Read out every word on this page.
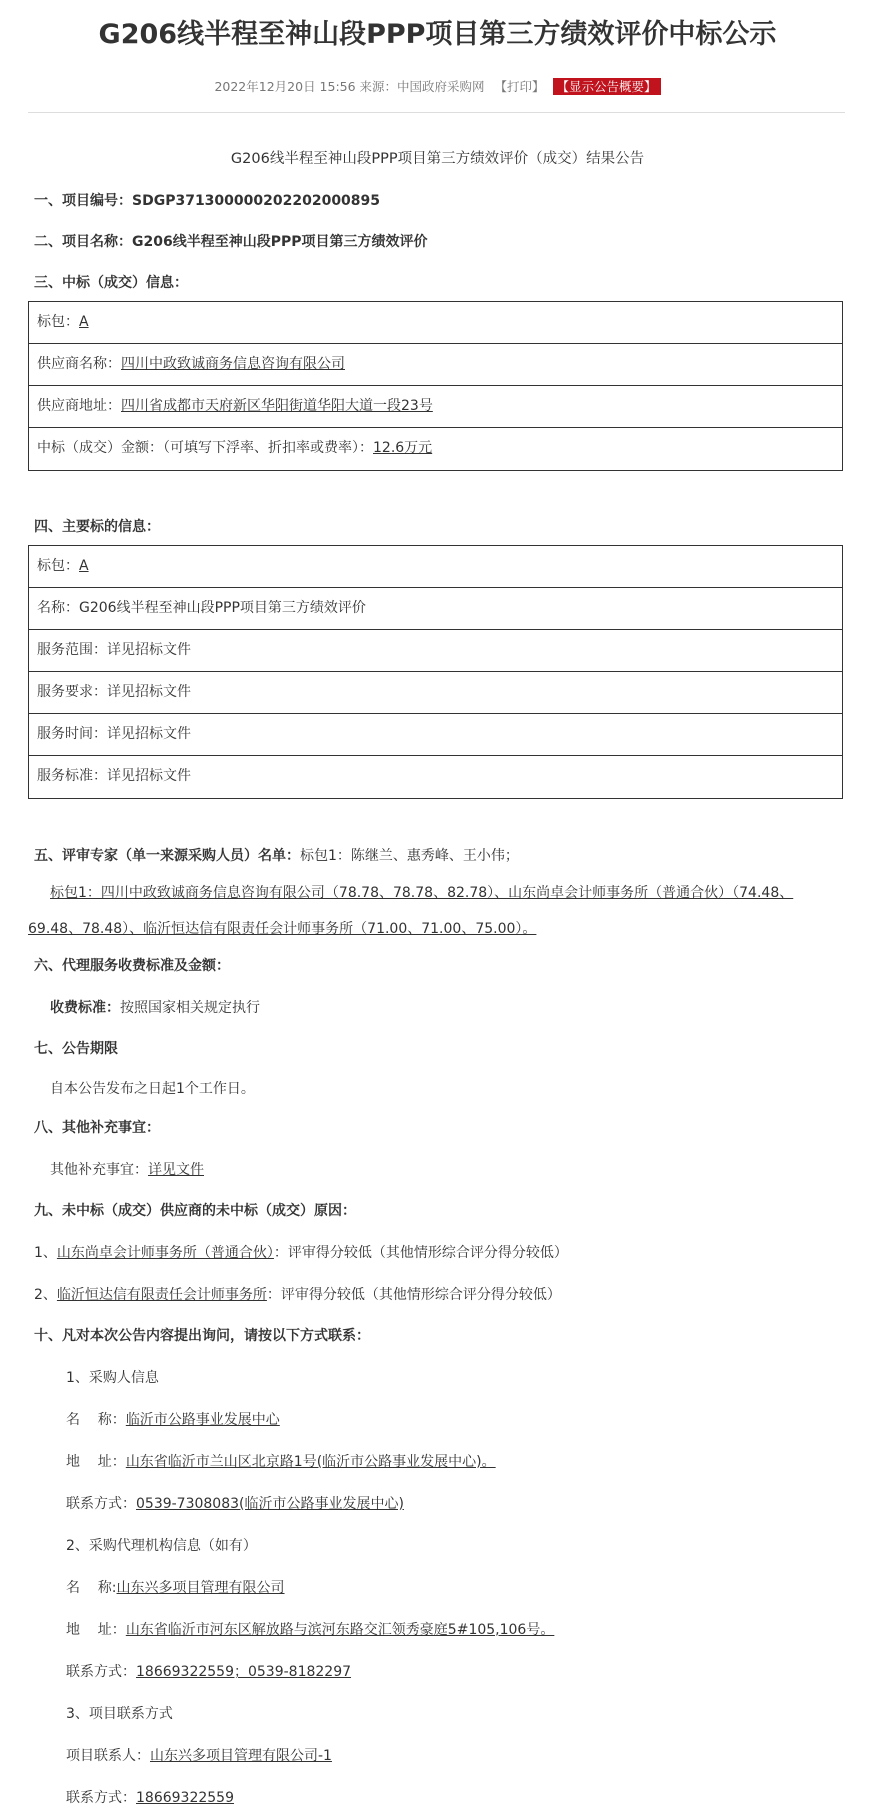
G206线半程至神山段PPP项目第三方绩效评价中标公示
2022年12月20日 15:56 来源：中国政府采购网 【打印】 【显示公告概要】
G206线半程至神山段PPP项目第三方绩效评价（成交）结果公告
一、项目编号：SDGP371300000202202000895
二、项目名称：G206线半程至神山段PPP项目第三方绩效评价
三、中标（成交）信息：
标包：A
供应商名称：四川中政致诚商务信息咨询有限公司
供应商地址：四川省成都市天府新区华阳街道华阳大道一段23号
中标（成交）金额：（可填写下浮率、折扣率或费率）：12.6万元
四、主要标的信息：
标包：A
名称：G206线半程至神山段PPP项目第三方绩效评价
服务范围：详见招标文件
服务要求：详见招标文件
服务时间：详见招标文件
服务标准：详见招标文件
五、评审专家（单一来源采购人员）名单：标包1：陈继兰、惠秀峰、王小伟；
标包1：四川中政致诚商务信息咨询有限公司（78.78、78.78、82.78）、山东尚卓会计师事务所（普通合伙）（74.48、69.48、78.48）、临沂恒达信有限责任会计师事务所（71.00、71.00、75.00）。
六、代理服务收费标准及金额：
收费标准：按照国家相关规定执行
七、公告期限
自本公告发布之日起1个工作日。
八、其他补充事宜：
其他补充事宜：详见文件
九、未中标（成交）供应商的未中标（成交）原因：
1、山东尚卓会计师事务所（普通合伙）：评审得分较低（其他情形综合评分得分较低）
2、临沂恒达信有限责任会计师事务所：评审得分较低（其他情形综合评分得分较低）
十、凡对本次公告内容提出询问，请按以下方式联系：
1、采购人信息
名    称：临沂市公路事业发展中心
地    址：山东省临沂市兰山区北京路1号(临沂市公路事业发展中心)。
联系方式：0539-7308083(临沂市公路事业发展中心)
2、采购代理机构信息（如有）
名    称:山东兴多项目管理有限公司
地    址：山东省临沂市河东区解放路与滨河东路交汇领秀豪庭5#105,106号。
联系方式：18669322559；0539-8182297
3、项目联系方式
项目联系人：山东兴多项目管理有限公司-1
联系方式：18669322559
